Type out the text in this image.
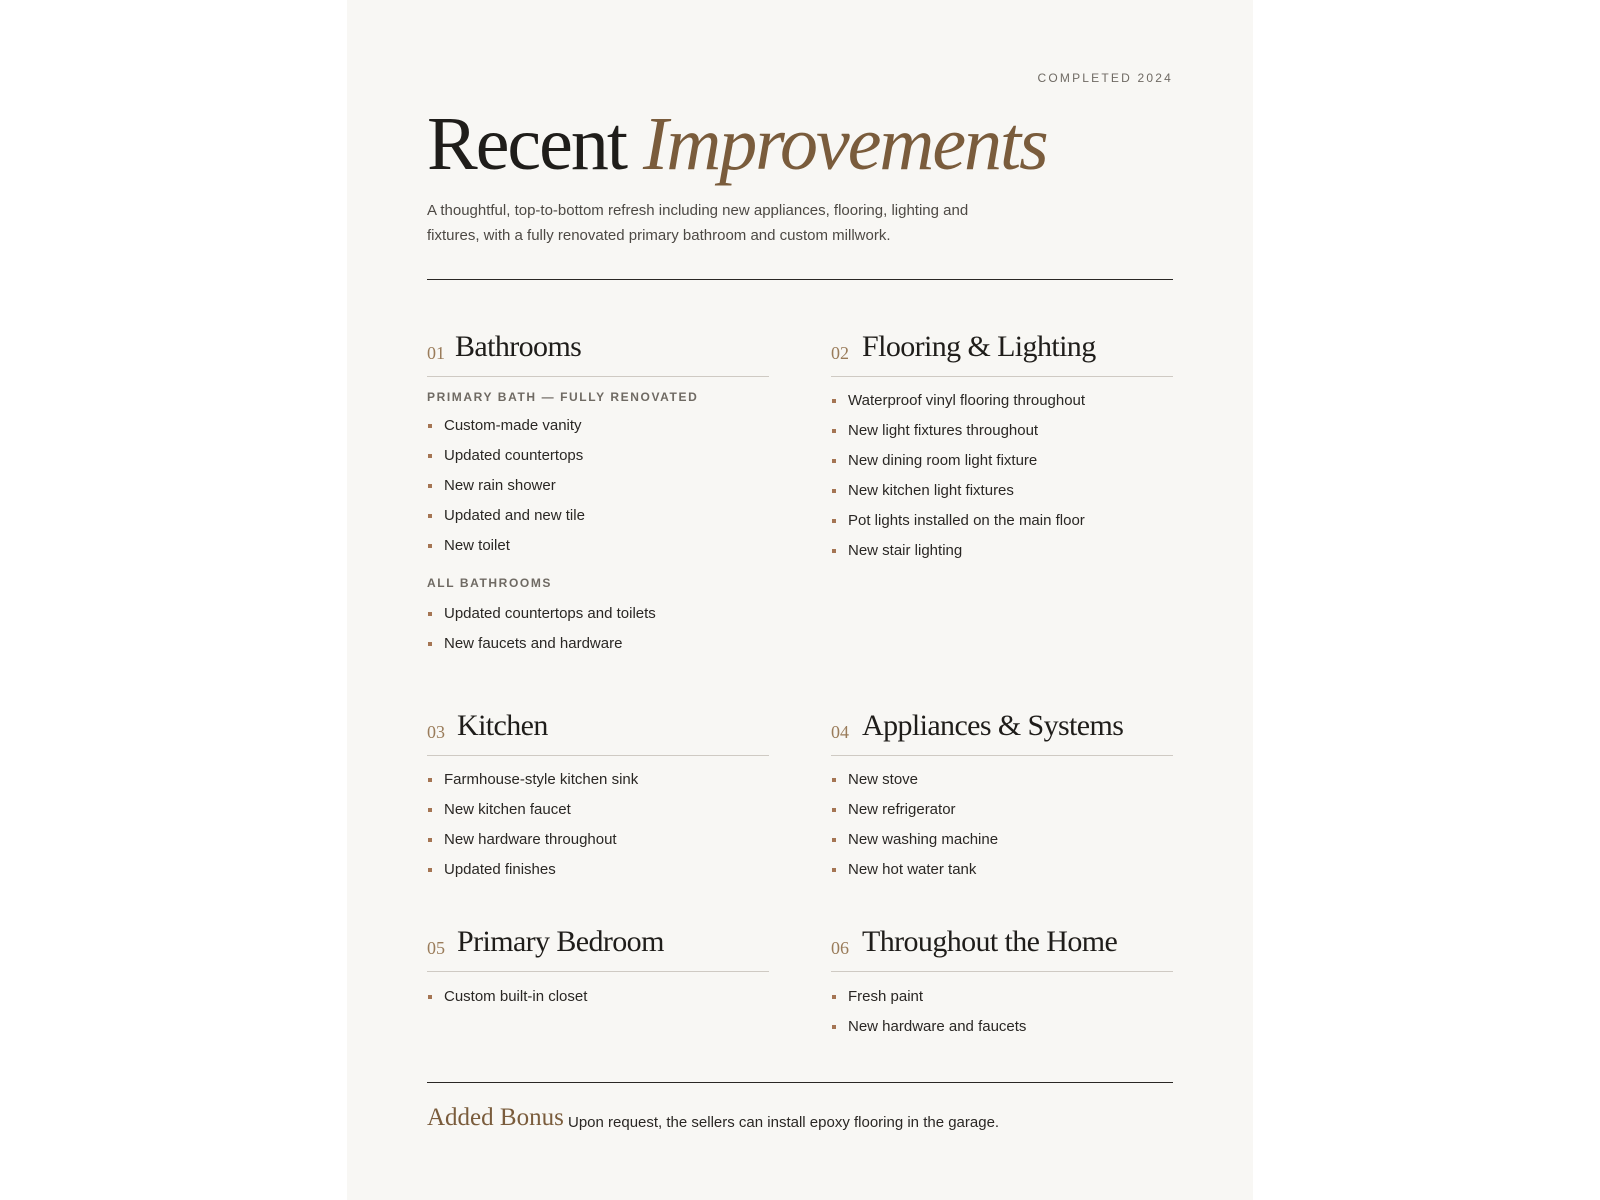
COMPLETED 2024
Recent Improvements

A thoughtful, top-to-bottom refresh including new appliances, flooring, lighting and fixtures, with a fully renovated primary bathroom and custom millwork.

01 Bathrooms
PRIMARY BATH — FULLY RENOVATED
Custom-made vanity
Updated countertops
New rain shower
Updated and new tile
New toilet
ALL BATHROOMS
Updated countertops and toilets
New faucets and hardware
02 Flooring & Lighting
Waterproof vinyl flooring throughout
New light fixtures throughout
New dining room light fixture
New kitchen light fixtures
Pot lights installed on the main floor
New stair lighting
03 Kitchen
Farmhouse-style kitchen sink
New kitchen faucet
New hardware throughout
Updated finishes
04 Appliances & Systems
New stove
New refrigerator
New washing machine
New hot water tank
05 Primary Bedroom
Custom built-in closet
06 Throughout the Home
Fresh paint
New hardware and faucets
Added Bonus Upon request, the sellers can install epoxy flooring in the garage.
